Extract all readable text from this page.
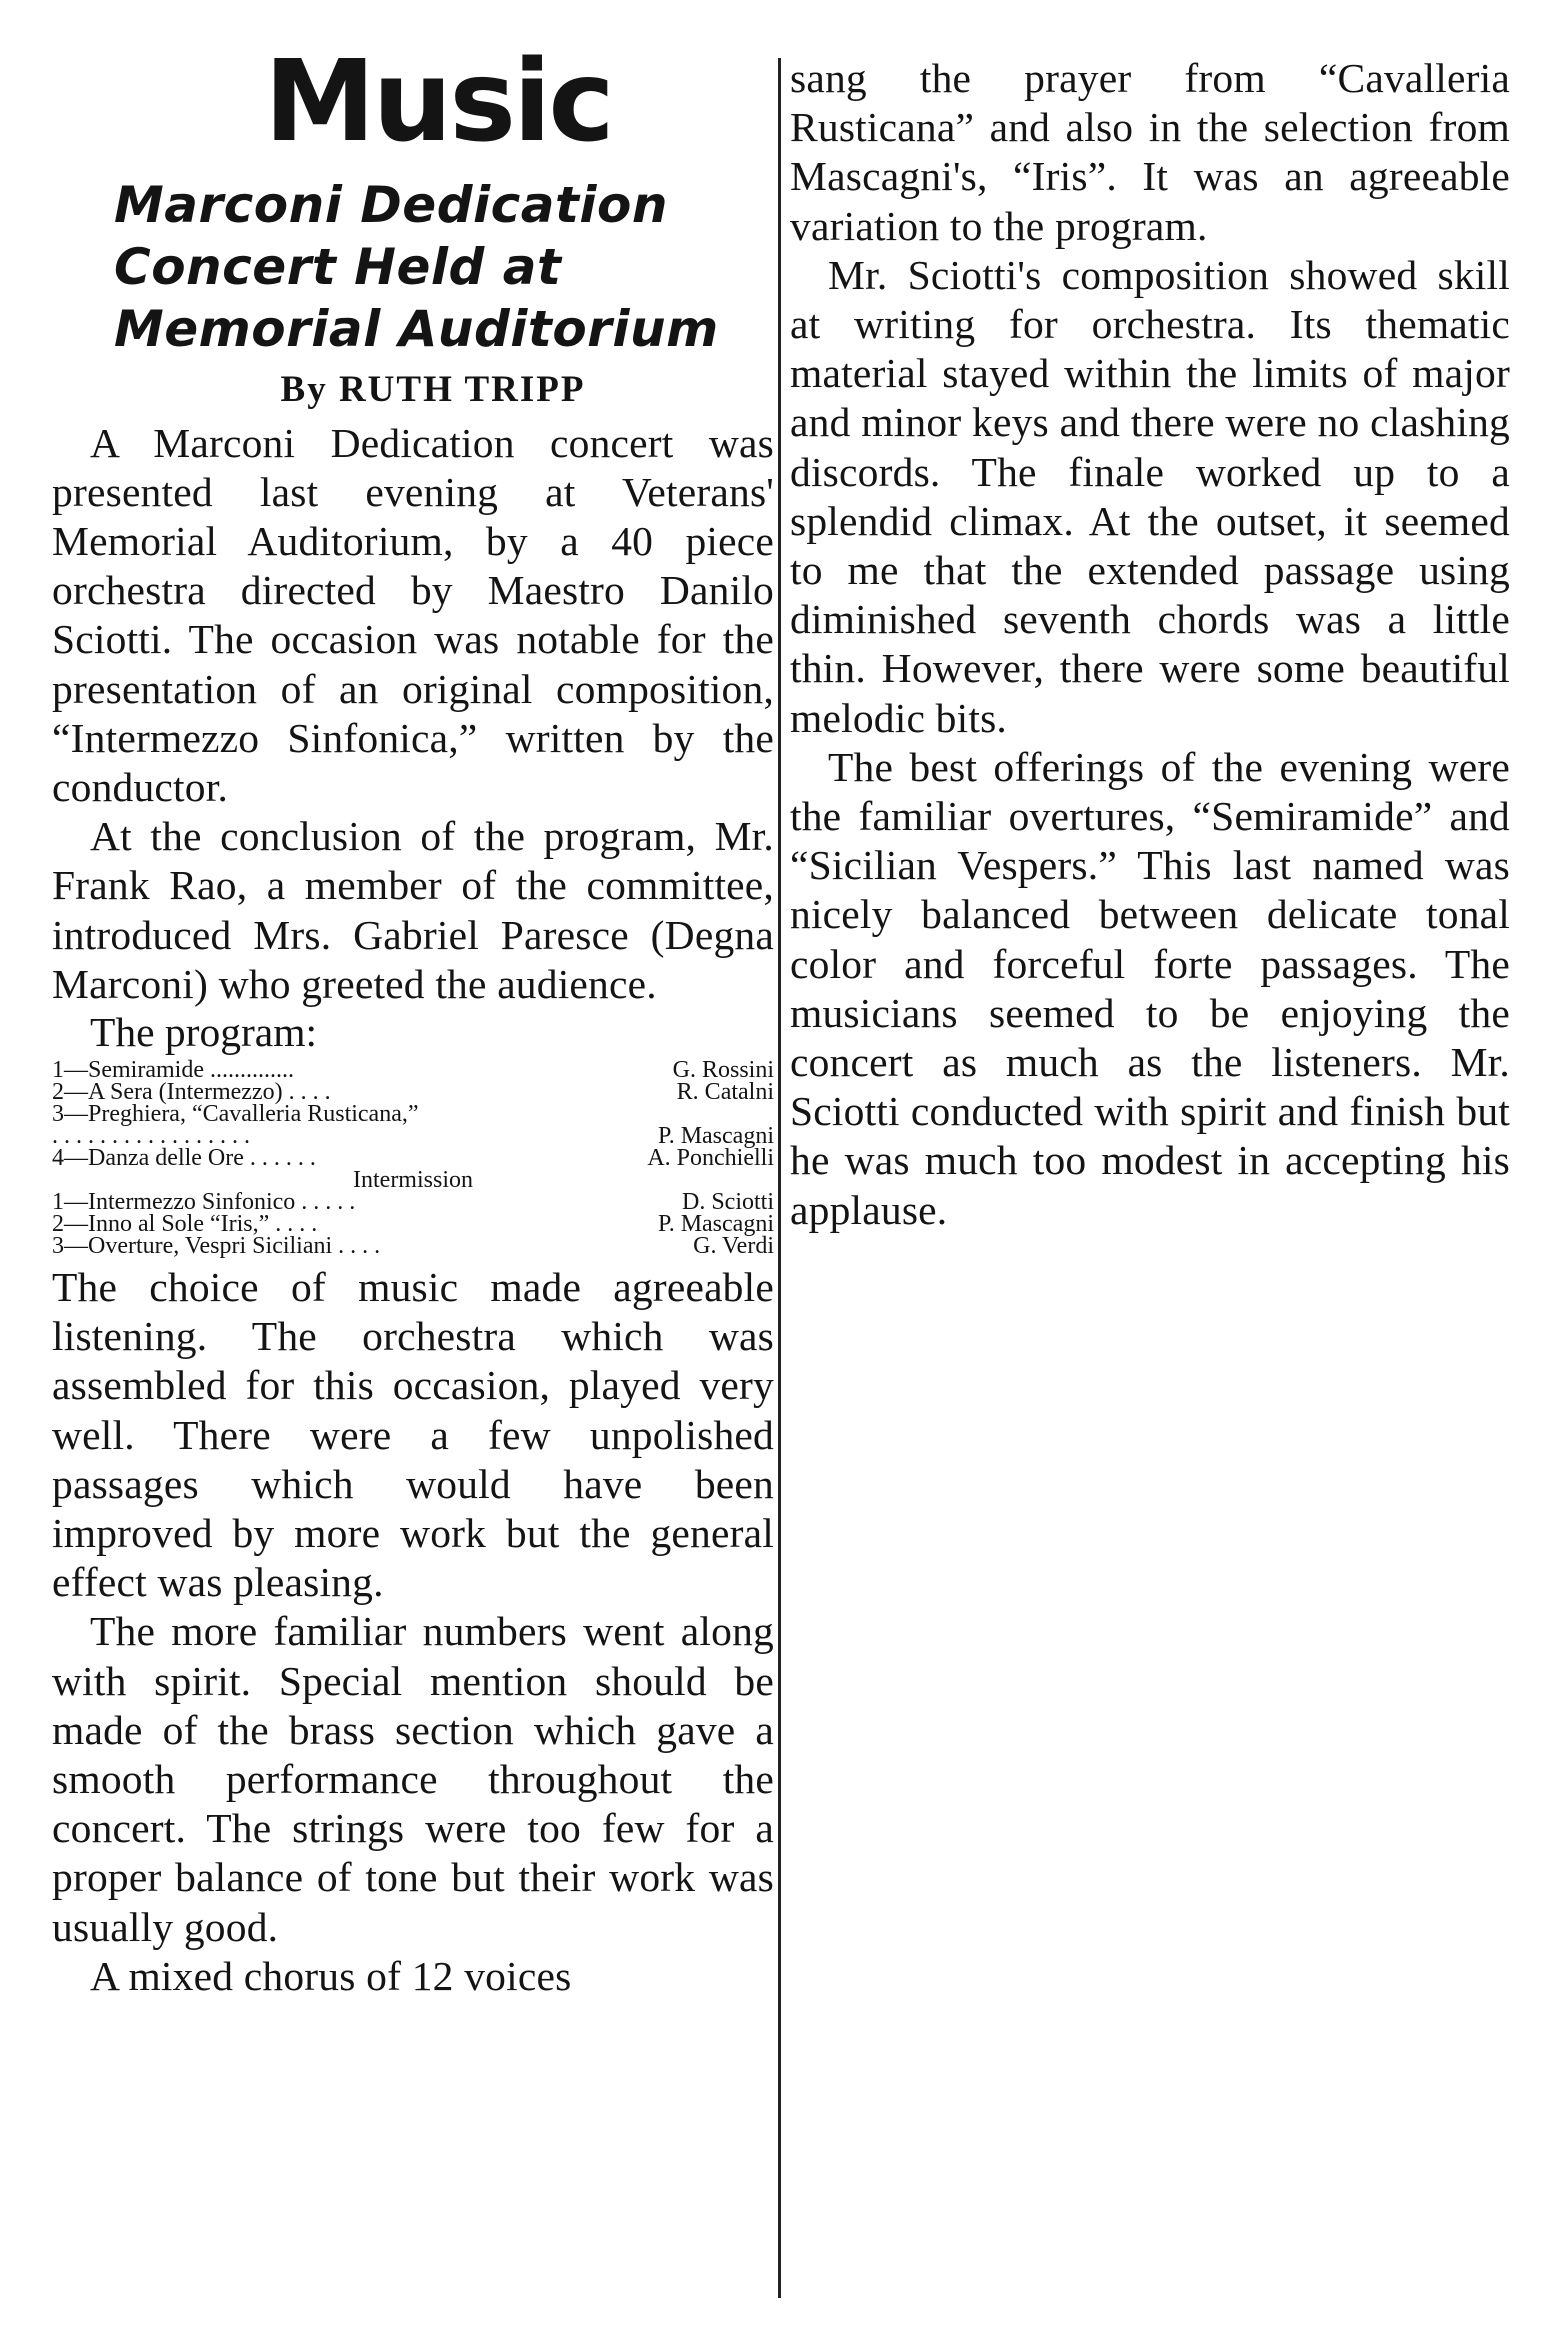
Music
Marconi Dedication
Concert Held at
Memorial Auditorium
By RUTH TRIPP

A Marconi Dedication concert was presented last evening at Veterans' Memorial Auditorium, by a 40 piece orchestra directed by Maestro Danilo Sciotti. The occasion was notable for the presentation of an original composition, “Intermezzo Sinfonica,” written by the conductor.

At the conclusion of the program, Mr. Frank Rao, a member of the committee, introduced Mrs. Gabriel Paresce (Degna Marconi) who greeted the audience.

The program:

1—Semiramide ..............	G. Rossini
2—A Sera (Intermezzo) . . . .	R. Catalni
3—Preghiera, “Cavalleria Rusticana,”
. . . . . . . . . . . . . . . . .	P. Mascagni
4—Danza delle Ore . . . . . .	A. Ponchielli
Intermission
1—Intermezzo Sinfonico . . . . .	D. Sciotti
2—Inno al Sole “Iris,” . . . .	P. Mascagni
3—Overture, Vespri Siciliani . . . .	G. Verdi

The choice of music made agreeable listening. The orchestra which was assembled for this occasion, played very well. There were a few unpolished passages which would have been improved by more work but the general effect was pleasing.

The more familiar numbers went along with spirit. Special mention should be made of the brass section which gave a smooth performance throughout the concert. The strings were too few for a proper balance of tone but their work was usually good.

A mixed chorus of 12 voices

sang the prayer from “Cavalleria Rusticana” and also in the selection from Mascagni's, “Iris”. It was an agreeable variation to the program.

Mr. Sciotti's composition showed skill at writing for orchestra. Its thematic material stayed within the limits of major and minor keys and there were no clashing discords. The finale worked up to a splendid climax. At the outset, it seemed to me that the extended passage using diminished seventh chords was a little thin. However, there were some beautiful melodic bits.

The best offerings of the evening were the familiar overtures, “Semiramide” and “Sicilian Vespers.” This last named was nicely balanced between delicate tonal color and forceful forte passages. The musicians seemed to be enjoying the concert as much as the listeners. Mr. Sciotti conducted with spirit and finish but he was much too modest in accepting his applause.
